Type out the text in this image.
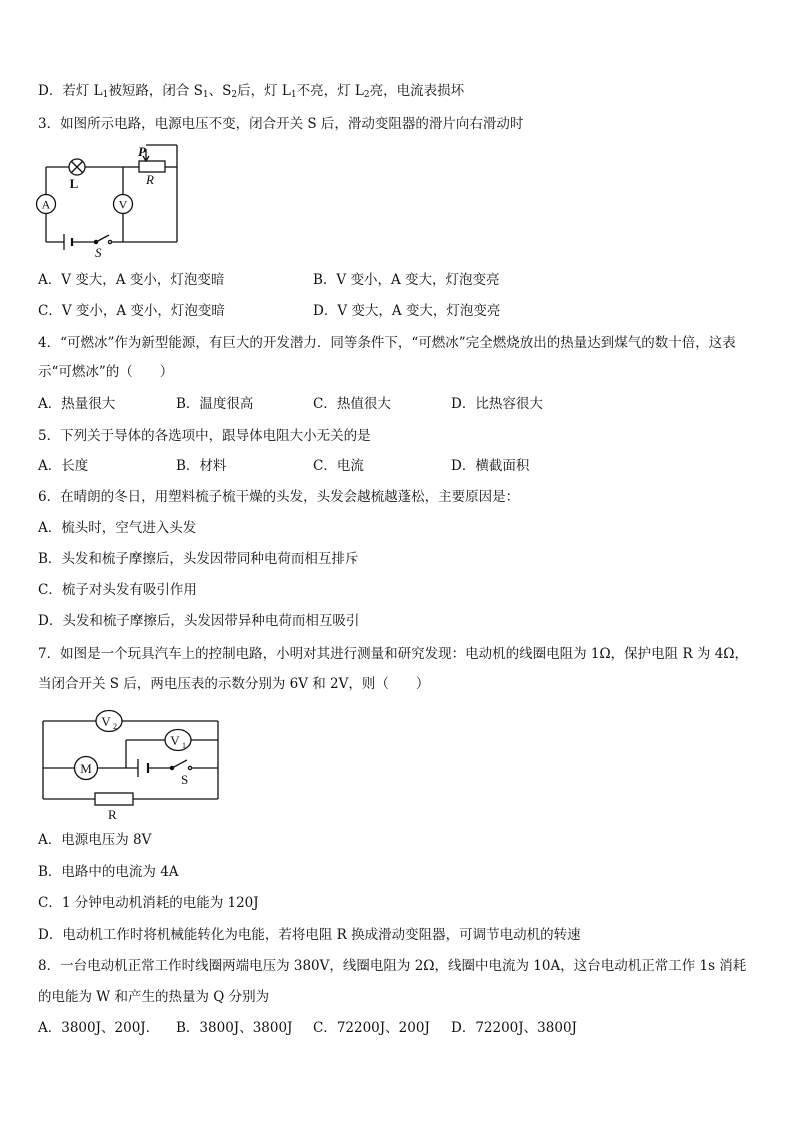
D．若灯 $L_1$被短路，闭合 $S_1$、$S_2$后，灯 $L_1$不亮，灯 $L_2$亮，电流表损坏
3．如图所示电路，电源电压不变，闭合开关 S 后，滑动变阻器的滑片向右滑动时
A	V
L
P
R
S
A．V 变大，A 变小，灯泡变暗	B．V 变小，A 变大，灯泡变亮
C．V 变小，A 变小，灯泡变暗	D．V 变大，A 变大，灯泡变亮
4．“可燃冰”作为新型能源，有巨大的开发潜力．同等条件下，“可燃冰”完全燃烧放出的热量达到煤气的数十倍，这表
示“可燃冰”的（　　）
A．热量很大	B．温度很高	C．热值很大	D．比热容很大
5．下列关于导体的各选项中，跟导体电阻大小无关的是
A．长度	B．材料	C．电流	D．横截面积
6．在晴朗的冬日，用塑料梳子梳干燥的头发，头发会越梳越蓬松，主要原因是：
A．梳头时，空气进入头发
B．头发和梳子摩擦后，头发因带同种电荷而相互排斥
C．梳子对头发有吸引作用
D．头发和梳子摩擦后，头发因带异种电荷而相互吸引
7．如图是一个玩具汽车上的控制电路，小明对其进行测量和研究发现：电动机的线圈电阻为 1Ω，保护电阻 R 为 4Ω，
当闭合开关 S 后，两电压表的示数分别为 6V 和 2V，则（　　）
M
V 2
V 1
S
R
A．电源电压为 8V
B．电路中的电流为 4A
C．1 分钟电动机消耗的电能为 120J
D．电动机工作时将机械能转化为电能，若将电阻 R 换成滑动变阻器，可调节电动机的转速
8．一台电动机正常工作时线圈两端电压为 380V，线圈电阻为 2Ω，线圈中电流为 10A，这台电动机正常工作 1s 消耗
的电能为 W 和产生的热量为 Q 分别为
A．3800J、200J． B．3800J、3800J C．72200J、200J D．72200J、3800J
